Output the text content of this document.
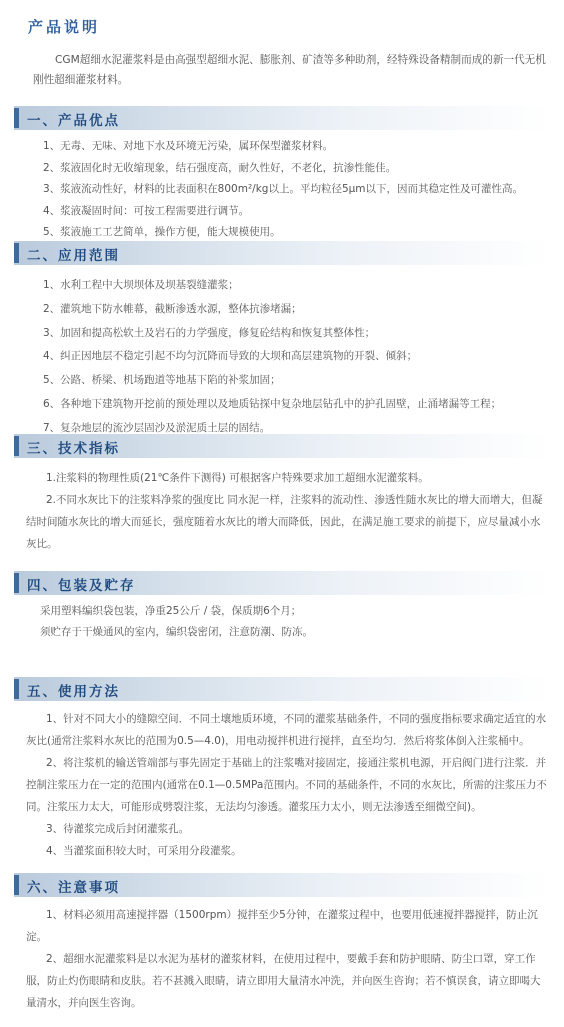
产品说明
CGM超细水泥灌浆料是由高强型超细水泥、膨胀剂、矿渣等多种助剂，经特殊设备精制而成的新一代无机刚性超细灌浆材料。
一、产品优点
1、无毒、无味、对地下水及环境无污染，属环保型灌浆材料。
2、浆液固化时无收缩现象，结石强度高，耐久性好，不老化，抗渗性能佳。
3、浆液流动性好，材料的比表面积在800m²/kg以上。平均粒径5μm以下，因而其稳定性及可灌性高。
4、浆液凝固时间：可按工程需要进行调节。
5、浆液施工工艺简单，操作方便，能大规模使用。
二、应用范围
1、水利工程中大坝坝体及坝基裂缝灌浆；
2、灌筑地下防水帷幕，截断渗透水源，整体抗渗堵漏；
3、加固和提高松软土及岩石的力学强度，修复砼结构和恢复其整体性；
4、纠正因地层不稳定引起不均匀沉降而导致的大坝和高层建筑物的开裂、倾斜；
5、公路、桥梁、机场跑道等地基下陷的补浆加固；
6、各种地下建筑物开挖前的预处理以及地质钻探中复杂地层钻孔中的护孔固壁，止涌堵漏等工程；
7、复杂地层的流沙层固沙及淤泥质土层的固结。
三、技术指标

1.注浆料的物理性质(21℃条件下测得) 可根据客户特殊要求加工超细水泥灌浆料。

2.不同水灰比下的注浆料净浆的强度比 同水泥一样，注浆料的流动性、渗透性随水灰比的增大而增大，但凝结时间随水灰比的增大而延长，强度随着水灰比的增大而降低，因此，在满足施工要求的前提下，应尽量减小水灰比。

四、包装及贮存

采用塑料编织袋包装，净重25公斤 / 袋，保质期6个月；

须贮存于干燥通风的室内，编织袋密闭，注意防潮、防冻。

五、使用方法

1、针对不同大小的缝隙空间．不同土壤地质环境，不同的灌浆基础条件，不同的强度指标要求确定适宜的水灰比(通常注浆料水灰比的范围为0.5—4.0)，用电动搅拌机进行搅拌，直至均匀．然后将浆体倒入注浆桶中。

2、将注浆机的输送管端部与事先固定于基础上的注浆嘴对接固定，接通注浆机电源，开启阀门进行注浆．并控制注浆压力在一定的范围内(通常在0.1—0.5MPa范围内。不同的基础条件，不同的水灰比，所需的注浆压力不同。注浆压力太大，可能形成劈裂注浆，无法均匀渗透。灌浆压力太小，则无法渗透至细微空间)。

3、待灌浆完成后封闭灌浆孔。

4、当灌浆面积较大时，可采用分段灌浆。

六、注意事项

1、材料必须用高速搅拌器（1500rpm）搅拌至少5分钟，在灌浆过程中，也要用低速搅拌器搅拌，防止沉淀。

2、超细水泥灌浆料是以水泥为基材的灌浆材料，在使用过程中，要戴手套和防护眼睛、防尘口罩，穿工作服，防止灼伤眼睛和皮肤。若不甚溅入眼睛，请立即用大量清水冲洗，并向医生咨询；若不慎误食，请立即喝大量清水，并向医生咨询。
